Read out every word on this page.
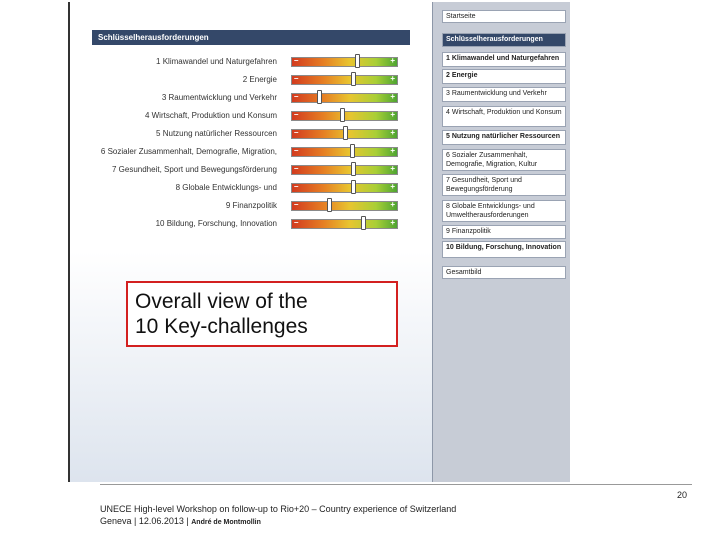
Schlüsselherausforderungen
1 Klimawandel und Naturgefahren –	+
2 Energie –	+
3 Raumentwicklung und Verkehr –	+
4 Wirtschaft, Produktion und Konsum –	+
5 Nutzung natürlicher Ressourcen –	+
6 Sozialer Zusammenhalt, Demografie, Migration, –	+
7 Gesundheit, Sport und Bewegungsförderung –	+
8 Globale Entwicklungs- und –	+
9 Finanzpolitik –	+
10 Bildung, Forschung, Innovation –	+
Startseite
Schlüsselherausforderungen
1 Klimawandel und Naturgefahren
2 Energie
3 Raumentwicklung und Verkehr
4 Wirtschaft, Produktion und Konsum
5 Nutzung natürlicher Ressourcen
6 Sozialer Zusammenhalt, Demografie, Migration, Kultur
7 Gesundheit, Sport und Bewegungsförderung
8 Globale Entwicklungs- und Umweltherausforderungen
9 Finanzpolitik
10 Bildung, Forschung, Innovation
Gesamtbild
Overall view of the
10 Key-challenges
20
UNECE High-level Workshop on follow-up to Rio+20 – Country experience of Switzerland
Geneva | 12.06.2013 | André de Montmollin
